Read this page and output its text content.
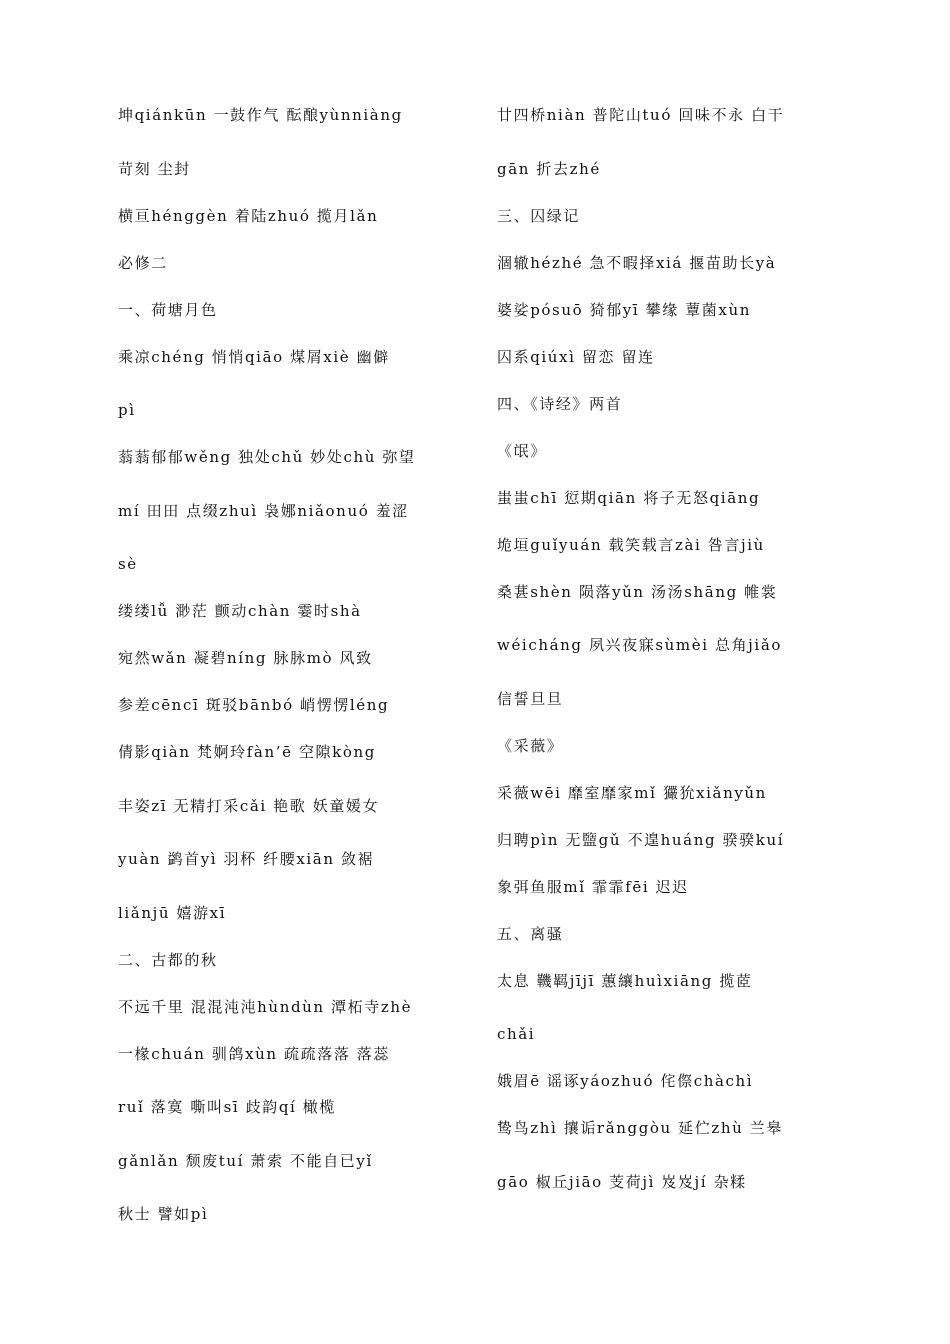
坤qiánkūn 一鼓作气 酝酿yùnniàng
苛刻 尘封
横亘hénggèn 着陆zhuó 揽月lǎn
必修二
一、荷塘月色
乘凉chéng 悄悄qiāo 煤屑xiè 幽僻
pì
蓊蓊郁郁wěng 独处chǔ 妙处chù 弥望
mí 田田 点缀zhuì 袅娜niǎonuó 羞涩
sè
缕缕lǚ 渺茫 颤动chàn 霎时shà
宛然wǎn 凝碧níng 脉脉mò 风致
参差cēncī 斑驳bānbó 峭愣愣léng
倩影qiàn 梵婀玲fàn’ē 空隙kòng
丰姿zī 无精打采cǎi 艳歌 妖童媛女
yuàn 鹢首yì 羽杯 纤腰xiān 敛裾
liǎnjū 嬉游xī
二、古都的秋
不远千里 混混沌沌hùndùn 潭柘寺zhè
一椽chuán 驯鸽xùn 疏疏落落 落蕊
ruǐ 落寞 嘶叫sī 歧韵qí 橄榄
gǎnlǎn 颓废tuí 萧索 不能自已yǐ
秋士 譬如pì
廿四桥niàn 普陀山tuó 回味不永 白干
gān 折去zhé
三、囚绿记
涸辙hézhé 急不暇择xiá 揠苗助长yà
婆娑pósuō 猗郁yī 攀缘 蕈菌xùn
囚系qiúxì 留恋 留连
四、《诗经》两首
《氓》
蚩蚩chī 愆期qiān 将子无怒qiāng
垝垣guǐyuán 载笑载言zài 咎言jiù
桑葚shèn 陨落yǔn 汤汤shāng 帷裳
wéicháng 夙兴夜寐sùmèi 总角jiǎo
信誓旦旦
《采薇》
采薇wēi 靡室靡家mǐ 玁狁xiǎnyǔn
归聘pìn 无盬gǔ 不遑huáng 骙骙kuí
象弭鱼服mǐ 霏霏fēi 迟迟
五、离骚
太息 鞿羁jījī 蕙纕huìxiāng 揽茝
chǎi
娥眉ē 谣诼yáozhuó 侘傺chàchì
鸷鸟zhì 攘诟rǎnggòu 延伫zhù 兰皋
gāo 椒丘jiāo 芰荷jì 岌岌jí 杂糅
